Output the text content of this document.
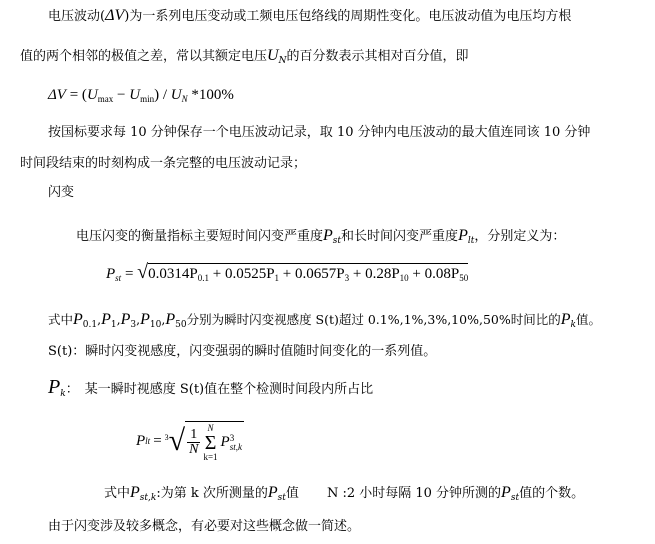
电压波动(ΔV)为一系列电压变动或工频电压包络线的周期性变化。电压波动值为电压均方根
值的两个相邻的极值之差，常以其额定电压$U_N$的百分数表示其相对百分值，即
$\Delta V = (U_{max} - U_{min}) / U_N$ *100%
按国标要求每 10 分钟保存一个电压波动记录，取 10 分钟内电压波动的最大值连同该 10 分钟
时间段结束的时刻构成一条完整的电压波动记录；
闪变
电压闪变的衡量指标主要短时间闪变严重度$P_{st}$和长时间闪变严重度$P_{lt}$，分别定义为：
$P_{st} = √0.0314P_{0.1} + 0.0525P_1 + 0.0657P_3 + 0.28P_{10} + 0.08P_{50}$
式中$P_{0.1},P_1,P_3,P_{10},P_{50}$分别为瞬时闪变视感度 S(t)超过 0.1%,1%,3%,10%,50%时间比的$P_k$值。
S(t)：瞬时闪变视感度，闪变强弱的瞬时值随时间变化的一系列值。
$P_k$： 某一瞬时视感度 S(t)值在整个检测时间段内所占比
P lt = 3 √ $\frac{1}{N}$
N
Σ
k=1
P 3
st,k
式中$P_{st,k}$:为第 k 次所测量的$P_{st}$值 N :2 小时每隔 10 分钟所测的$P_{st}$值的个数。
由于闪变涉及较多概念，有必要对这些概念做一简述。
